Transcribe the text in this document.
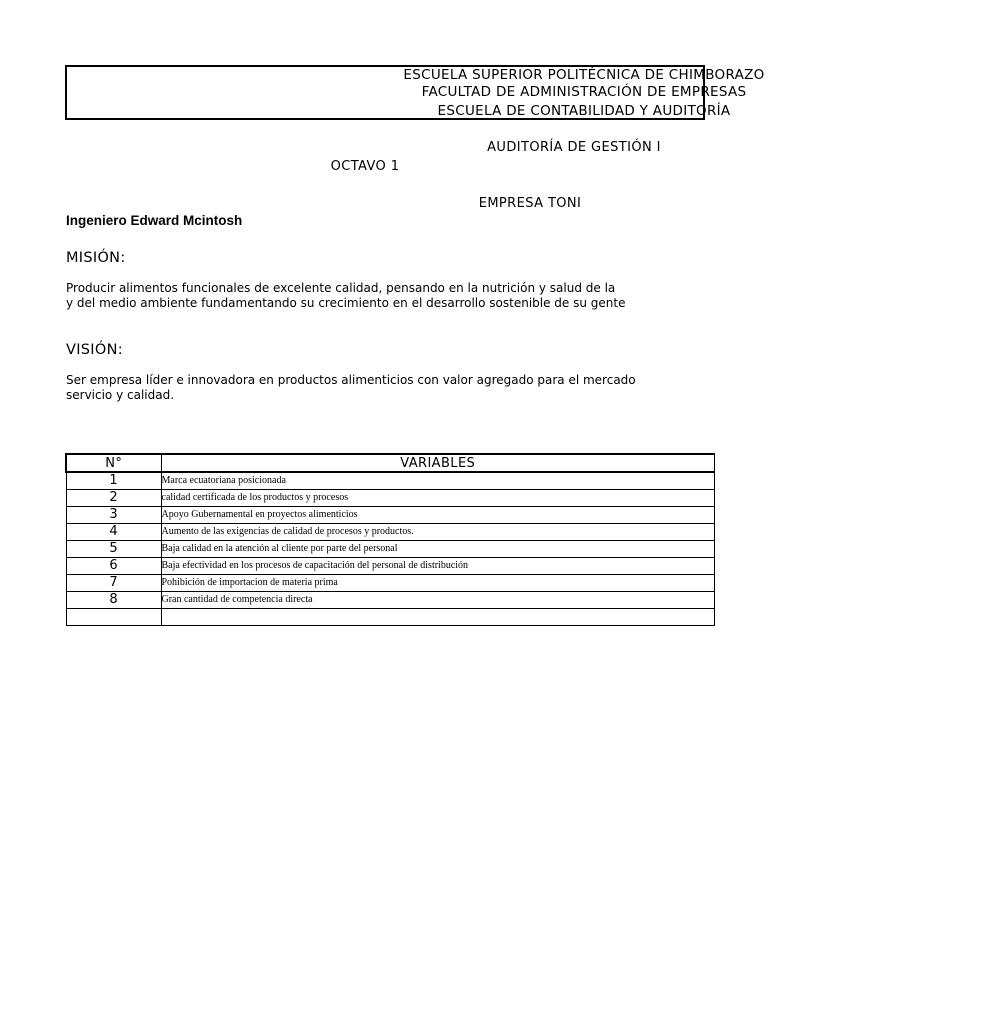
ESCUELA SUPERIOR POLITÉCNICA DE CHIMBORAZO
FACULTAD DE ADMINISTRACIÓN DE EMPRESAS
ESCUELA DE CONTABILIDAD Y AUDITORÍA
AUDITORÍA DE GESTIÓN I
OCTAVO 1
EMPRESA TONI
Ingeniero Edward Mcintosh
MISIÓN:
Producir alimentos funcionales de excelente calidad, pensando en la nutrición y salud de la
y del medio ambiente fundamentando su crecimiento en el desarrollo sostenible de su gente
VISIÓN:
Ser empresa líder e innovadora en productos alimenticios con valor agregado para el mercado
servicio y calidad.
N°	VARIABLES
1	Marca ecuatoriana posicionada
2	calidad certificada de los productos y procesos
3	Apoyo Gubernamental en proyectos alimenticios
4	Aumento de las exigencias de calidad de procesos y productos.
5	Baja calidad en la atención al cliente por parte del personal
6	Baja efectividad en los procesos de capacitación del personal de distribución
7	Pohibición de importacion de materia prima
8	Gran cantidad de competencia directa
